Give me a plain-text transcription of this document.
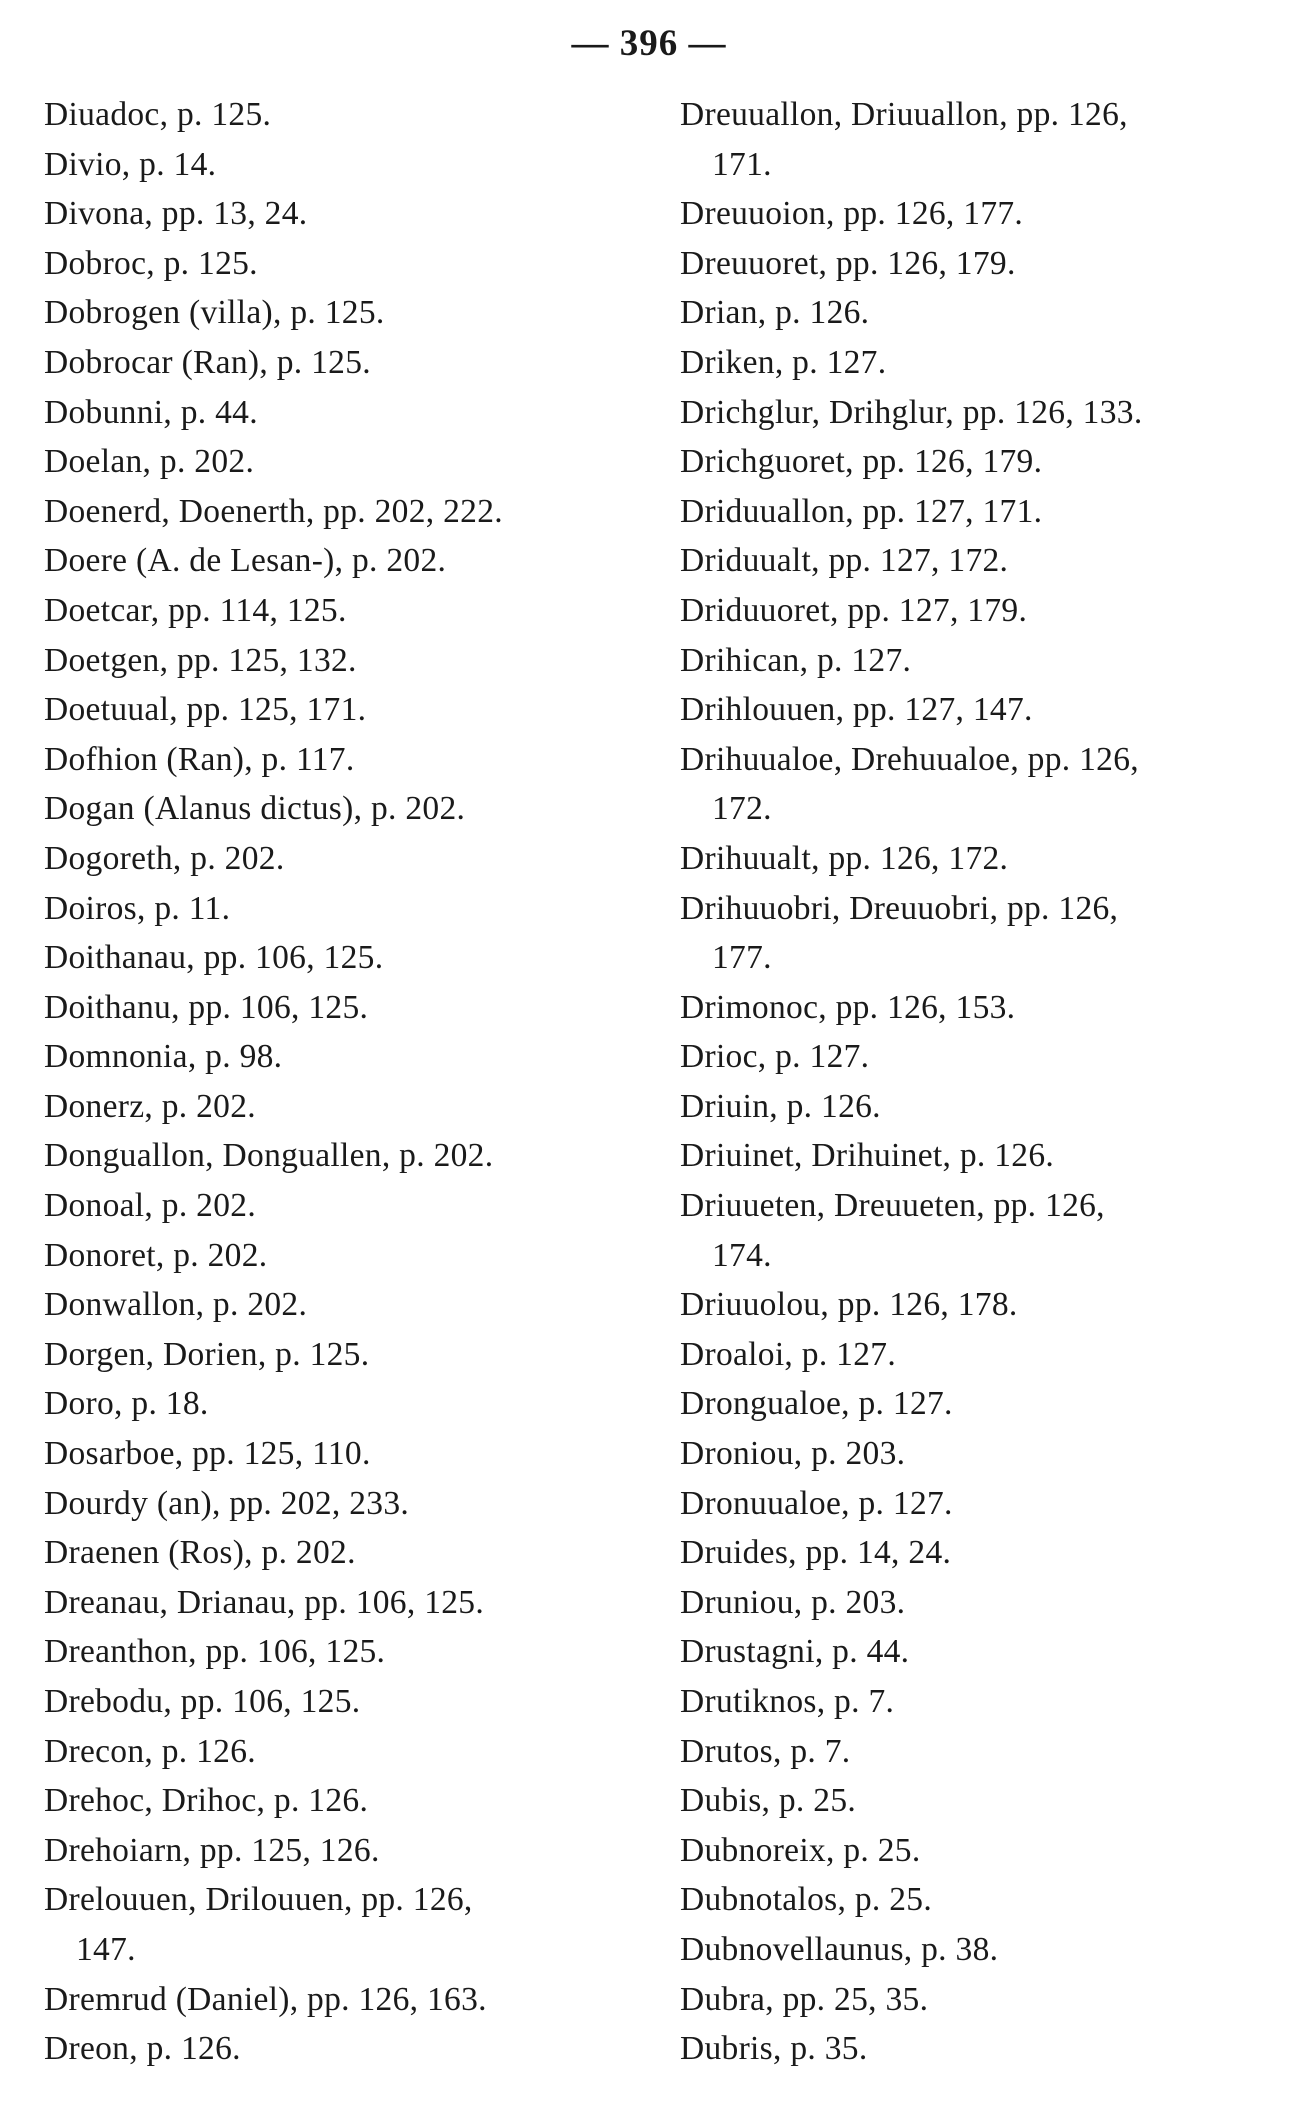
— 396 —
Diuadoc, p. 125.
Divio, p. 14.
Divona, pp. 13, 24.
Dobroc, p. 125.
Dobrogen (villa), p. 125.
Dobrocar (Ran), p. 125.
Dobunni, p. 44.
Doelan, p. 202.
Doenerd, Doenerth, pp. 202, 222.
Doere (A. de Lesan-), p. 202.
Doetcar, pp. 114, 125.
Doetgen, pp. 125, 132.
Doetuual, pp. 125, 171.
Dofhion (Ran), p. 117.
Dogan (Alanus dictus), p. 202.
Dogoreth, p. 202.
Doiros, p. 11.
Doithanau, pp. 106, 125.
Doithanu, pp. 106, 125.
Domnonia, p. 98.
Donerz, p. 202.
Donguallon, Donguallen, p. 202.
Donoal, p. 202.
Donoret, p. 202.
Donwallon, p. 202.
Dorgen, Dorien, p. 125.
Doro, p. 18.
Dosarboe, pp. 125, 110.
Dourdy (an), pp. 202, 233.
Draenen (Ros), p. 202.
Dreanau, Drianau, pp. 106, 125.
Dreanthon, pp. 106, 125.
Drebodu, pp. 106, 125.
Drecon, p. 126.
Drehoc, Drihoc, p. 126.
Drehoiarn, pp. 125, 126.
Drelouuen, Drilouuen, pp. 126,
147.
Dremrud (Daniel), pp. 126, 163.
Dreon, p. 126.
Dreuuallon, Driuuallon, pp. 126,
171.
Dreuuoion, pp. 126, 177.
Dreuuoret, pp. 126, 179.
Drian, p. 126.
Driken, p. 127.
Drichglur, Drihglur, pp. 126, 133.
Drichguoret, pp. 126, 179.
Driduuallon, pp. 127, 171.
Driduualt, pp. 127, 172.
Driduuoret, pp. 127, 179.
Drihican, p. 127.
Drihlouuen, pp. 127, 147.
Drihuualoe, Drehuualoe, pp. 126,
172.
Drihuualt, pp. 126, 172.
Drihuuobri, Dreuuobri, pp. 126,
177.
Drimonoc, pp. 126, 153.
Drioc, p. 127.
Driuin, p. 126.
Driuinet, Drihuinet, p. 126.
Driuueten, Dreuueten, pp. 126,
174.
Driuuolou, pp. 126, 178.
Droaloi, p. 127.
Drongualoe, p. 127.
Droniou, p. 203.
Dronuualoe, p. 127.
Druides, pp. 14, 24.
Druniou, p. 203.
Drustagni, p. 44.
Drutiknos, p. 7.
Drutos, p. 7.
Dubis, p. 25.
Dubnoreix, p. 25.
Dubnotalos, p. 25.
Dubnovellaunus, p. 38.
Dubra, pp. 25, 35.
Dubris, p. 35.
